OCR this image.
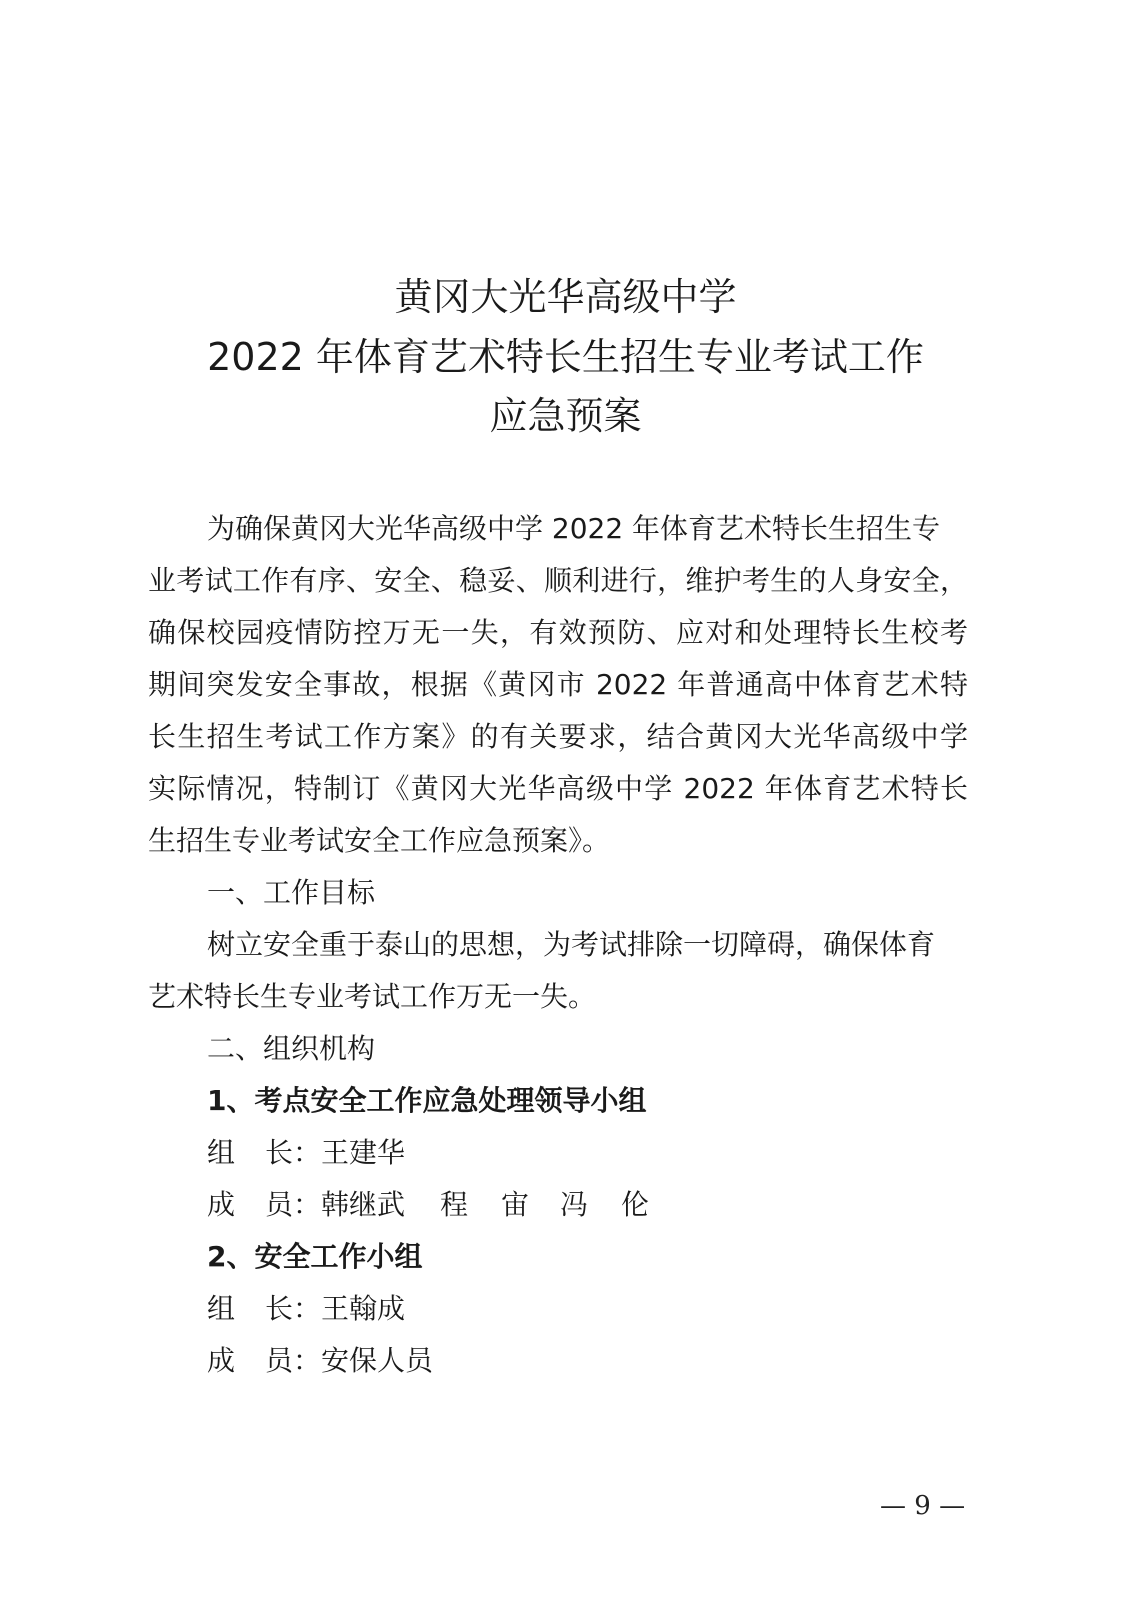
黄冈大光华高级中学
2022 年体育艺术特长生招生专业考试工作
应急预案

为确保黄冈大光华高级中学 2022 年体育艺术特长生招生专

业考试工作有序、安全、稳妥、顺利进行，维护考生的人身安全，

确保校园疫情防控万无一失，有效预防、应对和处理特长生校考

期间突发安全事故，根据《黄冈市 2022 年普通高中体育艺术特

长生招生考试工作方案》的有关要求，结合黄冈大光华高级中学

实际情况，特制订《黄冈大光华高级中学 2022 年体育艺术特长

生招生专业考试安全工作应急预案》。

一、工作目标

树立安全重于泰山的思想，为考试排除一切障碍，确保体育

艺术特长生专业考试工作万无一失。

二、组织机构

1、考点安全工作应急处理领导小组

组 长：王建华

成 员：韩继武 程 宙 冯 伦

2、安全工作小组

组 长：王翰成

成 员：安保人员

— 9 —
